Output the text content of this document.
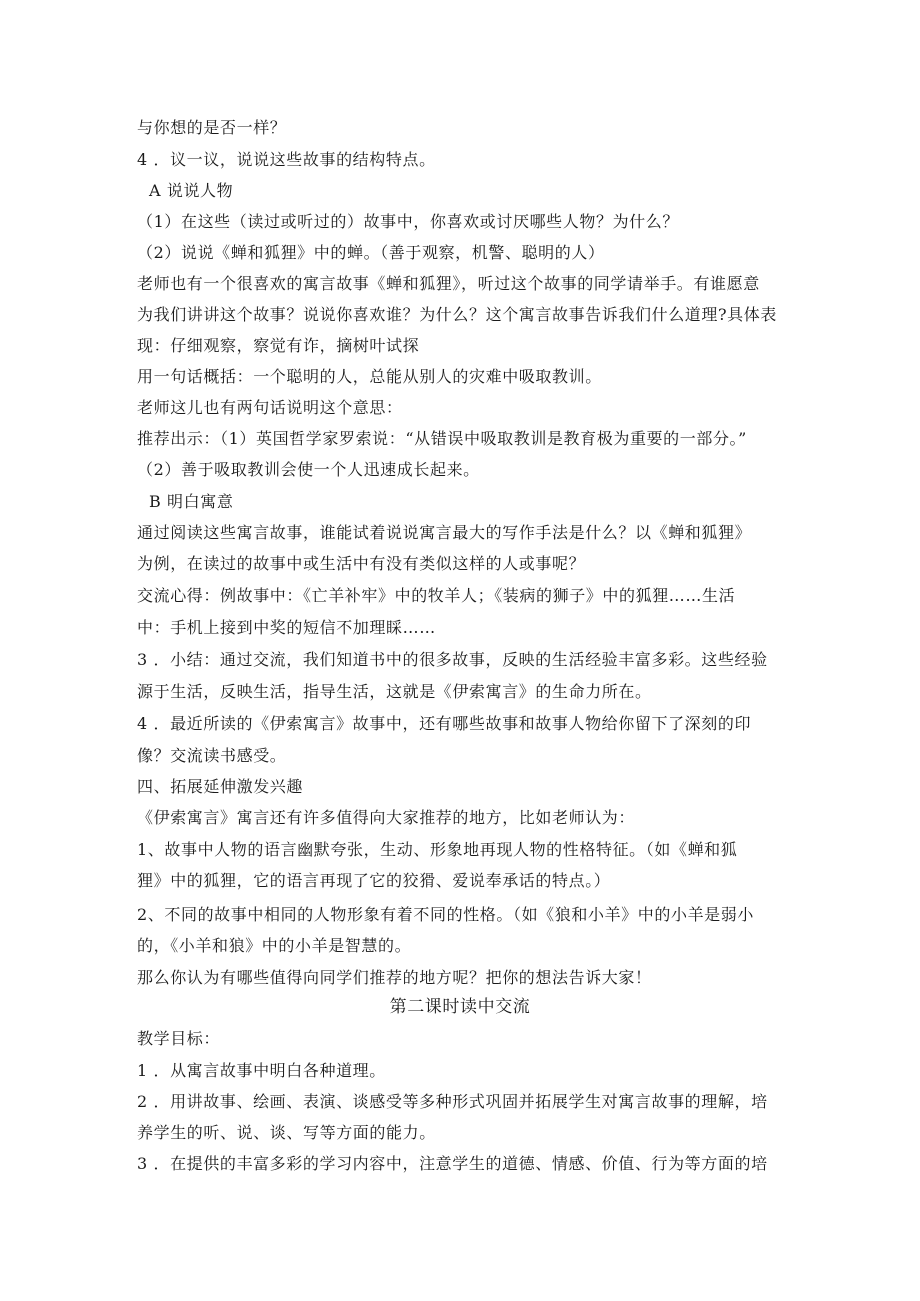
与你想的是否一样？
4 ．议一议，说说这些故事的结构特点。
A 说说人物
（1）在这些（读过或听过的）故事中，你喜欢或讨厌哪些人物？为什么？
（2）说说《蝉和狐狸》中的蝉。（善于观察，机警、聪明的人）
老师也有一个很喜欢的寓言故事《蝉和狐狸》，听过这个故事的同学请举手。有谁愿意
为我们讲讲这个故事？说说你喜欢谁？为什么？这个寓言故事告诉我们什么道理?具体表
现：仔细观察，察觉有诈，摘树叶试探
用一句话概括：一个聪明的人，总能从别人的灾难中吸取教训。
老师这儿也有两句话说明这个意思：
推荐出示：（1）英国哲学家罗索说：“从错误中吸取教训是教育极为重要的一部分。”
（2）善于吸取教训会使一个人迅速成长起来。
B 明白寓意
通过阅读这些寓言故事，谁能试着说说寓言最大的写作手法是什么？以《蝉和狐狸》
为例，在读过的故事中或生活中有没有类似这样的人或事呢？
交流心得：例故事中：《亡羊补牢》中的牧羊人；《装病的狮子》中的狐狸……生活
中：手机上接到中奖的短信不加理睬……
3 ．小结：通过交流，我们知道书中的很多故事，反映的生活经验丰富多彩。这些经验
源于生活，反映生活，指导生活，这就是《伊索寓言》的生命力所在。
4 ．最近所读的《伊索寓言》故事中，还有哪些故事和故事人物给你留下了深刻的印
像？交流读书感受。
四、拓展延伸激发兴趣
《伊索寓言》寓言还有许多值得向大家推荐的地方，比如老师认为：
1、故事中人物的语言幽默夸张，生动、形象地再现人物的性格特征。（如《蝉和狐
狸》中的狐狸，它的语言再现了它的狡猾、爱说奉承话的特点。）
2、不同的故事中相同的人物形象有着不同的性格。（如《狼和小羊》中的小羊是弱小
的，《小羊和狼》中的小羊是智慧的。
那么你认为有哪些值得向同学们推荐的地方呢？把你的想法告诉大家！
第二课时读中交流
教学目标：
1 ．从寓言故事中明白各种道理。
2 ．用讲故事、绘画、表演、谈感受等多种形式巩固并拓展学生对寓言故事的理解，培
养学生的听、说、谈、写等方面的能力。
3 ．在提供的丰富多彩的学习内容中，注意学生的道德、情感、价值、行为等方面的培
